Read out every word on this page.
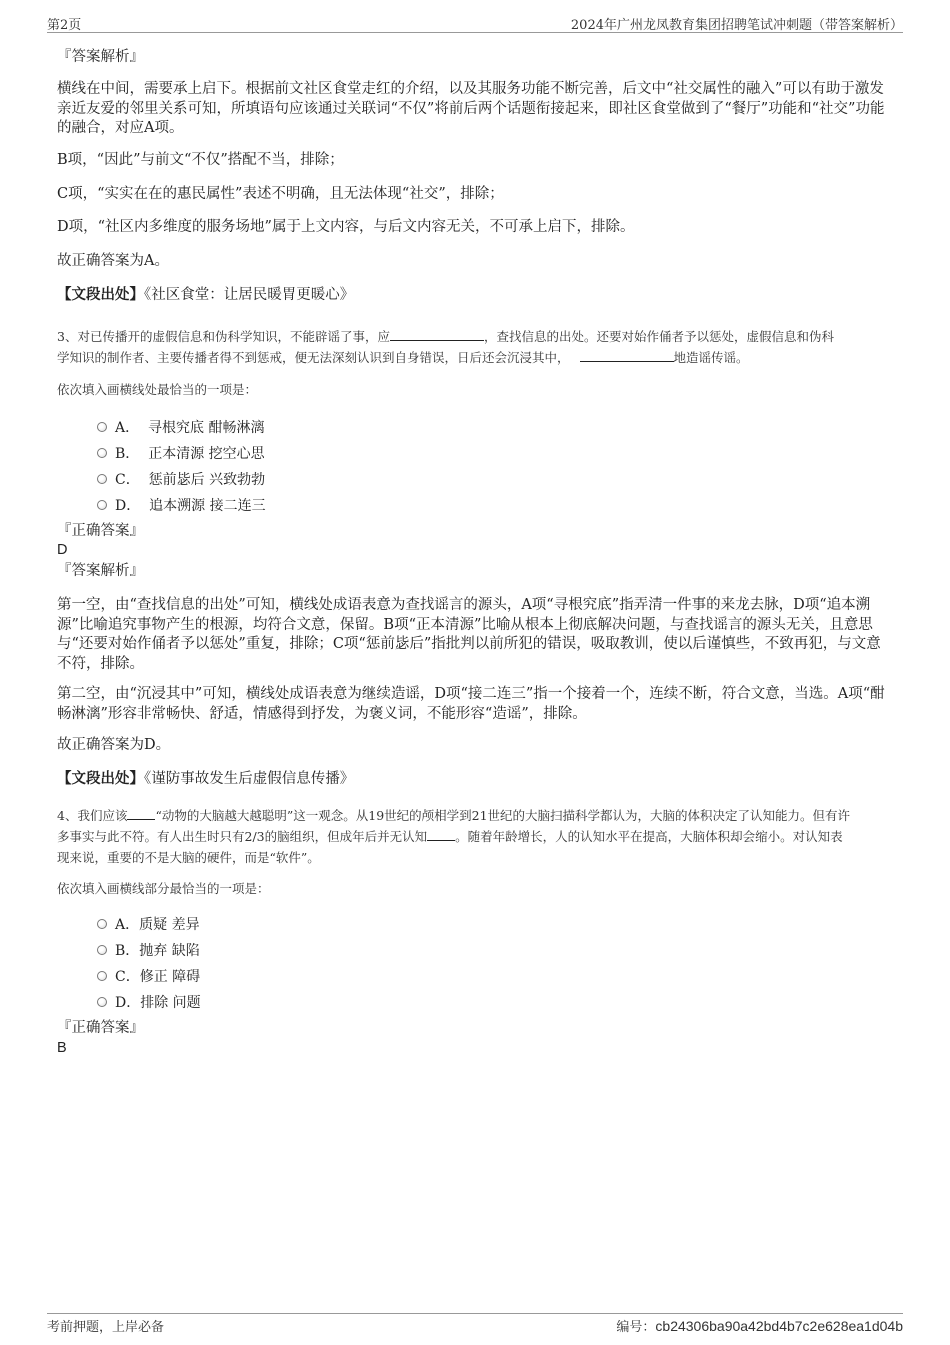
第2页	2024年广州龙凤教育集团招聘笔试冲刺题（带答案解析）
『答案解析』
横线在中间，需要承上启下。根据前文社区食堂走红的介绍，以及其服务功能不断完善，后文中“社交属性的融入”可以有助于激发亲近友爱的邻里关系可知，所填语句应该通过关联词“不仅”将前后两个话题衔接起来，即社区食堂做到了“餐厅”功能和“社交”功能的融合，对应A项。
B项，“因此”与前文“不仅”搭配不当，排除；
C项，“实实在在的惠民属性”表述不明确，且无法体现“社交”，排除；
D项，“社区内多维度的服务场地”属于上文内容，与后文内容无关，不可承上启下，排除。
故正确答案为A。
【文段出处】《社区食堂：让居民暖胃更暖心》
3、对已传播开的虚假信息和伪科学知识，不能辟谣了事，应	，查找信息的出处。还要对始作俑者予以惩处，虚假信息和伪科
学知识的制作者、主要传播者得不到惩戒，便无法深刻认识到自身错误，日后还会沉浸其中，	地造谣传谣。
依次填入画横线处最恰当的一项是：
A． 寻根究底 酣畅淋漓
B． 正本清源 挖空心思
C． 惩前毖后 兴致勃勃
D． 追本溯源 接二连三
『正确答案』
D
『答案解析』
第一空，由“查找信息的出处”可知，横线处成语表意为查找谣言的源头，A项“寻根究底”指弄清一件事的来龙去脉，D项“追本溯源”比喻追究事物产生的根源，均符合文意，保留。B项“正本清源”比喻从根本上彻底解决问题，与查找谣言的源头无关，且意思与“还要对始作俑者予以惩处”重复，排除；C项“惩前毖后”指批判以前所犯的错误，吸取教训，使以后谨慎些，不致再犯，与文意不符，排除。
第二空，由“沉浸其中”可知，横线处成语表意为继续造谣，D项“接二连三”指一个接着一个，连续不断，符合文意，当选。A项“酣畅淋漓”形容非常畅快、舒适，情感得到抒发，为褒义词，不能形容“造谣”，排除。
故正确答案为D。
【文段出处】《谨防事故发生后虚假信息传播》
4、我们应该 “动物的大脑越大越聪明”这一观念。从19世纪的颅相学到21世纪的大脑扫描科学都认为，大脑的体积决定了认知能力。但有许
多事实与此不符。有人出生时只有2/3的脑组织，但成年后并无认知 。随着年龄增长，人的认知水平在提高，大脑体积却会缩小。对认知表
现来说，重要的不是大脑的硬件，而是“软件”。
依次填入画横线部分最恰当的一项是：
A．质疑 差异
B．抛弃 缺陷
C．修正 障碍
D．排除 问题
『正确答案』
B
考前押题，上岸必备	编号：cb24306ba90a42bd4b7c2e628ea1d04b
